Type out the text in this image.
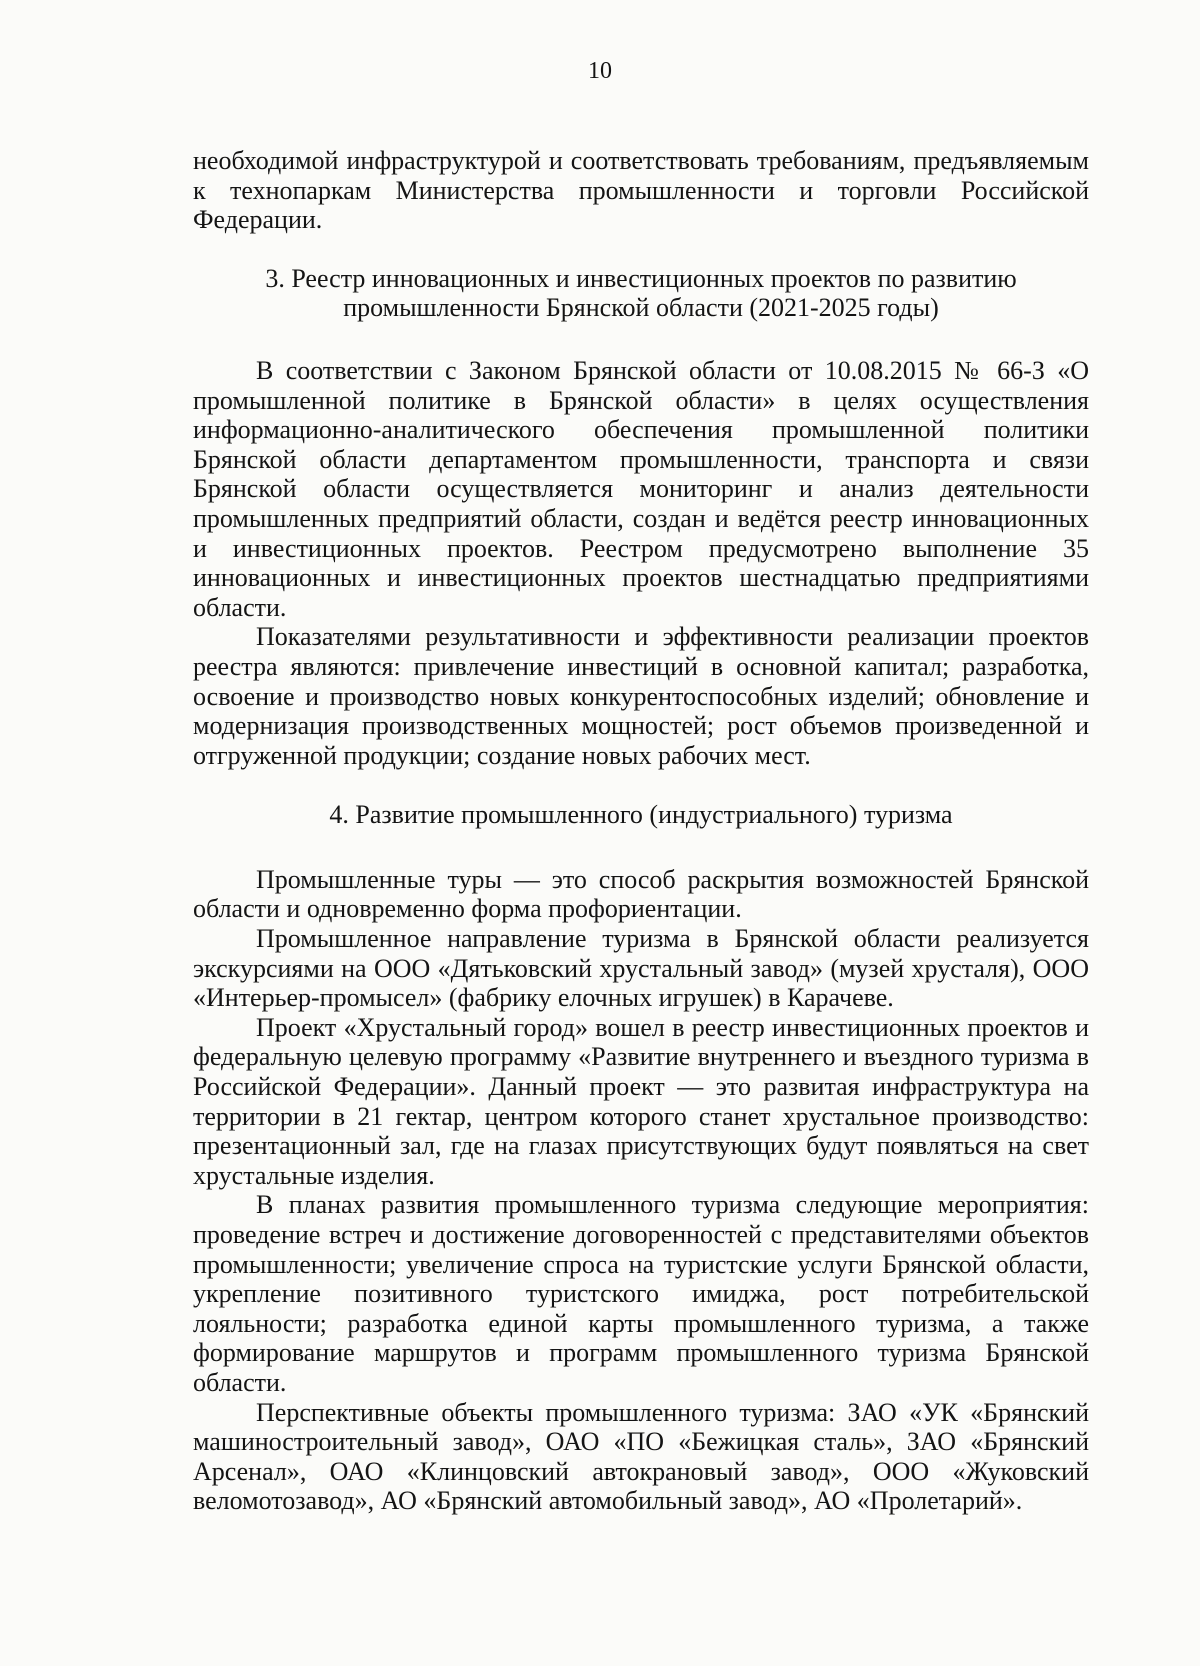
10

необходимой инфраструктурой и соответствовать требованиям, предъявляемым к технопаркам Министерства промышленности и торговли Российской Федерации.

3. Реестр инновационных и инвестиционных проектов по развитию
промышленности Брянской области (2021-2025 годы)

В соответствии с Законом Брянской области от 10.08.2015 № 66-З «О промышленной политике в Брянской области» в целях осуществления информационно-аналитического обеспечения промышленной политики Брянской области департаментом промышленности, транспорта и связи Брянской области осуществляется мониторинг и анализ деятельности промышленных предприятий области, создан и ведётся реестр инновационных и инвестиционных проектов. Реестром предусмотрено выполнение 35 инновационных и инвестиционных проектов шестнадцатью предприятиями области.

Показателями результативности и эффективности реализации проектов реестра являются: привлечение инвестиций в основной капитал; разработка, освоение и производство новых конкурентоспособных изделий; обновление и модернизация производственных мощностей; рост объемов произведенной и отгруженной продукции; создание новых рабочих мест.

4. Развитие промышленного (индустриального) туризма

Промышленные туры — это способ раскрытия возможностей Брянской области и одновременно форма профориентации.

Промышленное направление туризма в Брянской области реализуется экскурсиями на ООО «Дятьковский хрустальный завод» (музей хрусталя), ООО «Интерьер-промысел» (фабрику елочных игрушек) в Карачеве.

Проект «Хрустальный город» вошел в реестр инвестиционных проектов и федеральную целевую программу «Развитие внутреннего и въездного туризма в Российской Федерации». Данный проект — это развитая инфраструктура на территории в 21 гектар, центром которого станет хрустальное производство: презентационный зал, где на глазах присутствующих будут появляться на свет хрустальные изделия.

В планах развития промышленного туризма следующие мероприятия: проведение встреч и достижение договоренностей с представителями объектов промышленности; увеличение спроса на туристские услуги Брянской области, укрепление позитивного туристского имиджа, рост потребительской лояльности; разработка единой карты промышленного туризма, а также формирование маршрутов и программ промышленного туризма Брянской области.

Перспективные объекты промышленного туризма: ЗАО «УК «Брянский машиностроительный завод», ОАО «ПО «Бежицкая сталь», ЗАО «Брянский Арсенал», ОАО «Клинцовский автокрановый завод», ООО «Жуковский веломотозавод», АО «Брянский автомобильный завод», АО «Пролетарий».
